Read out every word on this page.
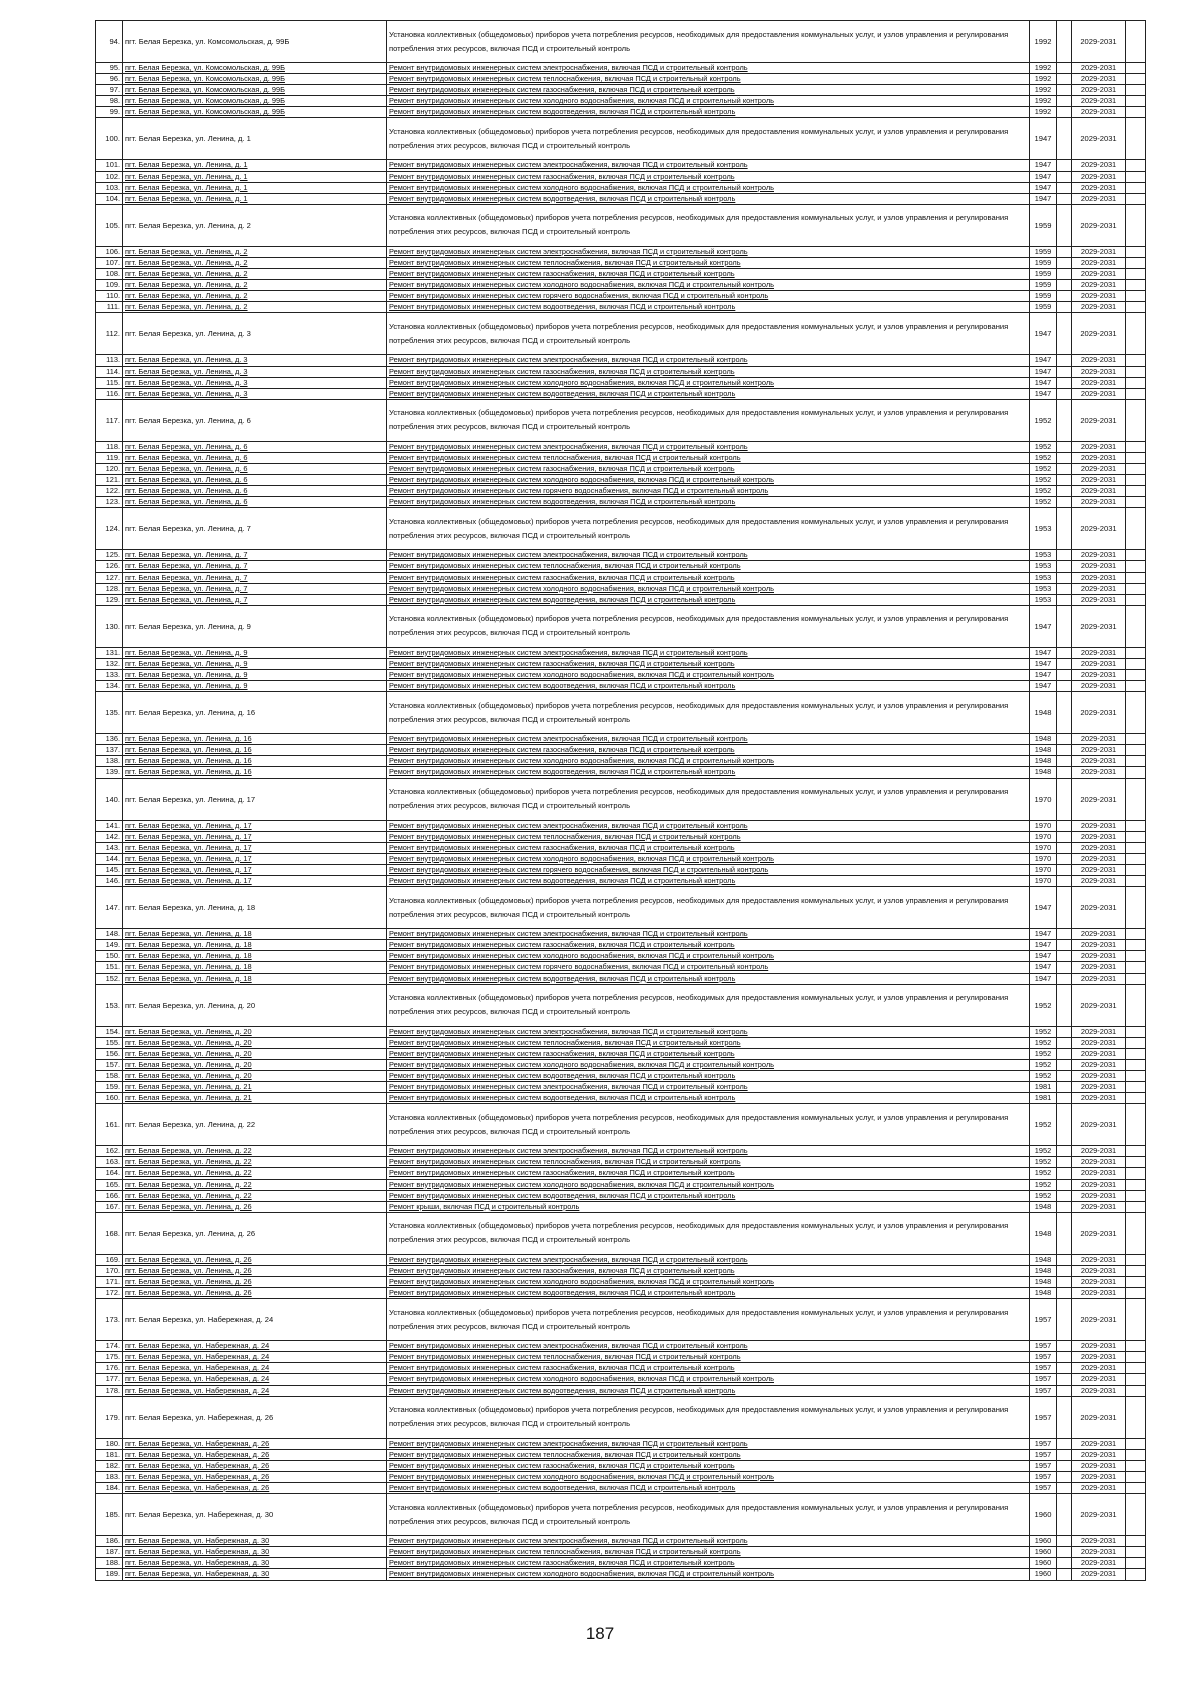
94.	пгт. Белая Березка, ул. Комсомольская, д. 99Б	Установка коллективных (общедомовых) приборов учета потребления ресурсов, необходимых для предоставления коммунальных услуг, и узлов управления и регулирования потребления этих ресурсов, включая ПСД и строительный контроль	1992		2029-2031	
95.	пгт. Белая Березка, ул. Комсомольская, д. 99Б	Ремонт внутридомовых инженерных систем электроснабжения, включая ПСД и строительный контроль	1992		2029-2031	
96.	пгт. Белая Березка, ул. Комсомольская, д. 99Б	Ремонт внутридомовых инженерных систем теплоснабжения, включая ПСД и строительный контроль	1992		2029-2031	
97.	пгт. Белая Березка, ул. Комсомольская, д. 99Б	Ремонт внутридомовых инженерных систем газоснабжения, включая ПСД и строительный контроль	1992		2029-2031	
98.	пгт. Белая Березка, ул. Комсомольская, д. 99Б	Ремонт внутридомовых инженерных систем холодного водоснабжения, включая ПСД и строительный контроль	1992		2029-2031	
99.	пгт. Белая Березка, ул. Комсомольская, д. 99Б	Ремонт внутридомовых инженерных систем водоотведения, включая ПСД и строительный контроль	1992		2029-2031	
100.	пгт. Белая Березка, ул. Ленина, д. 1	Установка коллективных (общедомовых) приборов учета потребления ресурсов, необходимых для предоставления коммунальных услуг, и узлов управления и регулирования потребления этих ресурсов, включая ПСД и строительный контроль	1947		2029-2031	
101.	пгт. Белая Березка, ул. Ленина, д. 1	Ремонт внутридомовых инженерных систем электроснабжения, включая ПСД и строительный контроль	1947		2029-2031	
102.	пгт. Белая Березка, ул. Ленина, д. 1	Ремонт внутридомовых инженерных систем газоснабжения, включая ПСД и строительный контроль	1947		2029-2031	
103.	пгт. Белая Березка, ул. Ленина, д. 1	Ремонт внутридомовых инженерных систем холодного водоснабжения, включая ПСД и строительный контроль	1947		2029-2031	
104.	пгт. Белая Березка, ул. Ленина, д. 1	Ремонт внутридомовых инженерных систем водоотведения, включая ПСД и строительный контроль	1947		2029-2031	
105.	пгт. Белая Березка, ул. Ленина, д. 2	Установка коллективных (общедомовых) приборов учета потребления ресурсов, необходимых для предоставления коммунальных услуг, и узлов управления и регулирования потребления этих ресурсов, включая ПСД и строительный контроль	1959		2029-2031	
106.	пгт. Белая Березка, ул. Ленина, д. 2	Ремонт внутридомовых инженерных систем электроснабжения, включая ПСД и строительный контроль	1959		2029-2031	
107.	пгт. Белая Березка, ул. Ленина, д. 2	Ремонт внутридомовых инженерных систем теплоснабжения, включая ПСД и строительный контроль	1959		2029-2031	
108.	пгт. Белая Березка, ул. Ленина, д. 2	Ремонт внутридомовых инженерных систем газоснабжения, включая ПСД и строительный контроль	1959		2029-2031	
109.	пгт. Белая Березка, ул. Ленина, д. 2	Ремонт внутридомовых инженерных систем холодного водоснабжения, включая ПСД и строительный контроль	1959		2029-2031	
110.	пгт. Белая Березка, ул. Ленина, д. 2	Ремонт внутридомовых инженерных систем горячего водоснабжения, включая ПСД и строительный контроль	1959		2029-2031	
111.	пгт. Белая Березка, ул. Ленина, д. 2	Ремонт внутридомовых инженерных систем водоотведения, включая ПСД и строительный контроль	1959		2029-2031	
112.	пгт. Белая Березка, ул. Ленина, д. 3	Установка коллективных (общедомовых) приборов учета потребления ресурсов, необходимых для предоставления коммунальных услуг, и узлов управления и регулирования потребления этих ресурсов, включая ПСД и строительный контроль	1947		2029-2031	
113.	пгт. Белая Березка, ул. Ленина, д. 3	Ремонт внутридомовых инженерных систем электроснабжения, включая ПСД и строительный контроль	1947		2029-2031	
114.	пгт. Белая Березка, ул. Ленина, д. 3	Ремонт внутридомовых инженерных систем газоснабжения, включая ПСД и строительный контроль	1947		2029-2031	
115.	пгт. Белая Березка, ул. Ленина, д. 3	Ремонт внутридомовых инженерных систем холодного водоснабжения, включая ПСД и строительный контроль	1947		2029-2031	
116.	пгт. Белая Березка, ул. Ленина, д. 3	Ремонт внутридомовых инженерных систем водоотведения, включая ПСД и строительный контроль	1947		2029-2031	
117.	пгт. Белая Березка, ул. Ленина, д. 6	Установка коллективных (общедомовых) приборов учета потребления ресурсов, необходимых для предоставления коммунальных услуг, и узлов управления и регулирования потребления этих ресурсов, включая ПСД и строительный контроль	1952		2029-2031	
118.	пгт. Белая Березка, ул. Ленина, д. 6	Ремонт внутридомовых инженерных систем электроснабжения, включая ПСД и строительный контроль	1952		2029-2031	
119.	пгт. Белая Березка, ул. Ленина, д. 6	Ремонт внутридомовых инженерных систем теплоснабжения, включая ПСД и строительный контроль	1952		2029-2031	
120.	пгт. Белая Березка, ул. Ленина, д. 6	Ремонт внутридомовых инженерных систем газоснабжения, включая ПСД и строительный контроль	1952		2029-2031	
121.	пгт. Белая Березка, ул. Ленина, д. 6	Ремонт внутридомовых инженерных систем холодного водоснабжения, включая ПСД и строительный контроль	1952		2029-2031	
122.	пгт. Белая Березка, ул. Ленина, д. 6	Ремонт внутридомовых инженерных систем горячего водоснабжения, включая ПСД и строительный контроль	1952		2029-2031	
123.	пгт. Белая Березка, ул. Ленина, д. 6	Ремонт внутридомовых инженерных систем водоотведения, включая ПСД и строительный контроль	1952		2029-2031	
124.	пгт. Белая Березка, ул. Ленина, д. 7	Установка коллективных (общедомовых) приборов учета потребления ресурсов, необходимых для предоставления коммунальных услуг, и узлов управления и регулирования потребления этих ресурсов, включая ПСД и строительный контроль	1953		2029-2031	
125.	пгт. Белая Березка, ул. Ленина, д. 7	Ремонт внутридомовых инженерных систем электроснабжения, включая ПСД и строительный контроль	1953		2029-2031	
126.	пгт. Белая Березка, ул. Ленина, д. 7	Ремонт внутридомовых инженерных систем теплоснабжения, включая ПСД и строительный контроль	1953		2029-2031	
127.	пгт. Белая Березка, ул. Ленина, д. 7	Ремонт внутридомовых инженерных систем газоснабжения, включая ПСД и строительный контроль	1953		2029-2031	
128.	пгт. Белая Березка, ул. Ленина, д. 7	Ремонт внутридомовых инженерных систем холодного водоснабжения, включая ПСД и строительный контроль	1953		2029-2031	
129.	пгт. Белая Березка, ул. Ленина, д. 7	Ремонт внутридомовых инженерных систем водоотведения, включая ПСД и строительный контроль	1953		2029-2031	
130.	пгт. Белая Березка, ул. Ленина, д. 9	Установка коллективных (общедомовых) приборов учета потребления ресурсов, необходимых для предоставления коммунальных услуг, и узлов управления и регулирования потребления этих ресурсов, включая ПСД и строительный контроль	1947		2029-2031	
131.	пгт. Белая Березка, ул. Ленина, д. 9	Ремонт внутридомовых инженерных систем электроснабжения, включая ПСД и строительный контроль	1947		2029-2031	
132.	пгт. Белая Березка, ул. Ленина, д. 9	Ремонт внутридомовых инженерных систем газоснабжения, включая ПСД и строительный контроль	1947		2029-2031	
133.	пгт. Белая Березка, ул. Ленина, д. 9	Ремонт внутридомовых инженерных систем холодного водоснабжения, включая ПСД и строительный контроль	1947		2029-2031	
134.	пгт. Белая Березка, ул. Ленина, д. 9	Ремонт внутридомовых инженерных систем водоотведения, включая ПСД и строительный контроль	1947		2029-2031	
135.	пгт. Белая Березка, ул. Ленина, д. 16	Установка коллективных (общедомовых) приборов учета потребления ресурсов, необходимых для предоставления коммунальных услуг, и узлов управления и регулирования потребления этих ресурсов, включая ПСД и строительный контроль	1948		2029-2031	
136.	пгт. Белая Березка, ул. Ленина, д. 16	Ремонт внутридомовых инженерных систем электроснабжения, включая ПСД и строительный контроль	1948		2029-2031	
137.	пгт. Белая Березка, ул. Ленина, д. 16	Ремонт внутридомовых инженерных систем газоснабжения, включая ПСД и строительный контроль	1948		2029-2031	
138.	пгт. Белая Березка, ул. Ленина, д. 16	Ремонт внутридомовых инженерных систем холодного водоснабжения, включая ПСД и строительный контроль	1948		2029-2031	
139.	пгт. Белая Березка, ул. Ленина, д. 16	Ремонт внутридомовых инженерных систем водоотведения, включая ПСД и строительный контроль	1948		2029-2031	
140.	пгт. Белая Березка, ул. Ленина, д. 17	Установка коллективных (общедомовых) приборов учета потребления ресурсов, необходимых для предоставления коммунальных услуг, и узлов управления и регулирования потребления этих ресурсов, включая ПСД и строительный контроль	1970		2029-2031	
141.	пгт. Белая Березка, ул. Ленина, д. 17	Ремонт внутридомовых инженерных систем электроснабжения, включая ПСД и строительный контроль	1970		2029-2031	
142.	пгт. Белая Березка, ул. Ленина, д. 17	Ремонт внутридомовых инженерных систем теплоснабжения, включая ПСД и строительный контроль	1970		2029-2031	
143.	пгт. Белая Березка, ул. Ленина, д. 17	Ремонт внутридомовых инженерных систем газоснабжения, включая ПСД и строительный контроль	1970		2029-2031	
144.	пгт. Белая Березка, ул. Ленина, д. 17	Ремонт внутридомовых инженерных систем холодного водоснабжения, включая ПСД и строительный контроль	1970		2029-2031	
145.	пгт. Белая Березка, ул. Ленина, д. 17	Ремонт внутридомовых инженерных систем горячего водоснабжения, включая ПСД и строительный контроль	1970		2029-2031	
146.	пгт. Белая Березка, ул. Ленина, д. 17	Ремонт внутридомовых инженерных систем водоотведения, включая ПСД и строительный контроль	1970		2029-2031	
147.	пгт. Белая Березка, ул. Ленина, д. 18	Установка коллективных (общедомовых) приборов учета потребления ресурсов, необходимых для предоставления коммунальных услуг, и узлов управления и регулирования потребления этих ресурсов, включая ПСД и строительный контроль	1947		2029-2031	
148.	пгт. Белая Березка, ул. Ленина, д. 18	Ремонт внутридомовых инженерных систем электроснабжения, включая ПСД и строительный контроль	1947		2029-2031	
149.	пгт. Белая Березка, ул. Ленина, д. 18	Ремонт внутридомовых инженерных систем газоснабжения, включая ПСД и строительный контроль	1947		2029-2031	
150.	пгт. Белая Березка, ул. Ленина, д. 18	Ремонт внутридомовых инженерных систем холодного водоснабжения, включая ПСД и строительный контроль	1947		2029-2031	
151.	пгт. Белая Березка, ул. Ленина, д. 18	Ремонт внутридомовых инженерных систем горячего водоснабжения, включая ПСД и строительный контроль	1947		2029-2031	
152.	пгт. Белая Березка, ул. Ленина, д. 18	Ремонт внутридомовых инженерных систем водоотведения, включая ПСД и строительный контроль	1947		2029-2031	
153.	пгт. Белая Березка, ул. Ленина, д. 20	Установка коллективных (общедомовых) приборов учета потребления ресурсов, необходимых для предоставления коммунальных услуг, и узлов управления и регулирования потребления этих ресурсов, включая ПСД и строительный контроль	1952		2029-2031	
154.	пгт. Белая Березка, ул. Ленина, д. 20	Ремонт внутридомовых инженерных систем электроснабжения, включая ПСД и строительный контроль	1952		2029-2031	
155.	пгт. Белая Березка, ул. Ленина, д. 20	Ремонт внутридомовых инженерных систем теплоснабжения, включая ПСД и строительный контроль	1952		2029-2031	
156.	пгт. Белая Березка, ул. Ленина, д. 20	Ремонт внутридомовых инженерных систем газоснабжения, включая ПСД и строительный контроль	1952		2029-2031	
157.	пгт. Белая Березка, ул. Ленина, д. 20	Ремонт внутридомовых инженерных систем холодного водоснабжения, включая ПСД и строительный контроль	1952		2029-2031	
158.	пгт. Белая Березка, ул. Ленина, д. 20	Ремонт внутридомовых инженерных систем водоотведения, включая ПСД и строительный контроль	1952		2029-2031	
159.	пгт. Белая Березка, ул. Ленина, д. 21	Ремонт внутридомовых инженерных систем электроснабжения, включая ПСД и строительный контроль	1981		2029-2031	
160.	пгт. Белая Березка, ул. Ленина, д. 21	Ремонт внутридомовых инженерных систем водоотведения, включая ПСД и строительный контроль	1981		2029-2031	
161.	пгт. Белая Березка, ул. Ленина, д. 22	Установка коллективных (общедомовых) приборов учета потребления ресурсов, необходимых для предоставления коммунальных услуг, и узлов управления и регулирования потребления этих ресурсов, включая ПСД и строительный контроль	1952		2029-2031	
162.	пгт. Белая Березка, ул. Ленина, д. 22	Ремонт внутридомовых инженерных систем электроснабжения, включая ПСД и строительный контроль	1952		2029-2031	
163.	пгт. Белая Березка, ул. Ленина, д. 22	Ремонт внутридомовых инженерных систем теплоснабжения, включая ПСД и строительный контроль	1952		2029-2031	
164.	пгт. Белая Березка, ул. Ленина, д. 22	Ремонт внутридомовых инженерных систем газоснабжения, включая ПСД и строительный контроль	1952		2029-2031	
165.	пгт. Белая Березка, ул. Ленина, д. 22	Ремонт внутридомовых инженерных систем холодного водоснабжения, включая ПСД и строительный контроль	1952		2029-2031	
166.	пгт. Белая Березка, ул. Ленина, д. 22	Ремонт внутридомовых инженерных систем водоотведения, включая ПСД и строительный контроль	1952		2029-2031	
167.	пгт. Белая Березка, ул. Ленина, д. 26	Ремонт крыши, включая ПСД и строительный контроль	1948		2029-2031	
168.	пгт. Белая Березка, ул. Ленина, д. 26	Установка коллективных (общедомовых) приборов учета потребления ресурсов, необходимых для предоставления коммунальных услуг, и узлов управления и регулирования потребления этих ресурсов, включая ПСД и строительный контроль	1948		2029-2031	
169.	пгт. Белая Березка, ул. Ленина, д. 26	Ремонт внутридомовых инженерных систем электроснабжения, включая ПСД и строительный контроль	1948		2029-2031	
170.	пгт. Белая Березка, ул. Ленина, д. 26	Ремонт внутридомовых инженерных систем газоснабжения, включая ПСД и строительный контроль	1948		2029-2031	
171.	пгт. Белая Березка, ул. Ленина, д. 26	Ремонт внутридомовых инженерных систем холодного водоснабжения, включая ПСД и строительный контроль	1948		2029-2031	
172.	пгт. Белая Березка, ул. Ленина, д. 26	Ремонт внутридомовых инженерных систем водоотведения, включая ПСД и строительный контроль	1948		2029-2031	
173.	пгт. Белая Березка, ул. Набережная, д. 24	Установка коллективных (общедомовых) приборов учета потребления ресурсов, необходимых для предоставления коммунальных услуг, и узлов управления и регулирования потребления этих ресурсов, включая ПСД и строительный контроль	1957		2029-2031	
174.	пгт. Белая Березка, ул. Набережная, д. 24	Ремонт внутридомовых инженерных систем электроснабжения, включая ПСД и строительный контроль	1957		2029-2031	
175.	пгт. Белая Березка, ул. Набережная, д. 24	Ремонт внутридомовых инженерных систем теплоснабжения, включая ПСД и строительный контроль	1957		2029-2031	
176.	пгт. Белая Березка, ул. Набережная, д. 24	Ремонт внутридомовых инженерных систем газоснабжения, включая ПСД и строительный контроль	1957		2029-2031	
177.	пгт. Белая Березка, ул. Набережная, д. 24	Ремонт внутридомовых инженерных систем холодного водоснабжения, включая ПСД и строительный контроль	1957		2029-2031	
178.	пгт. Белая Березка, ул. Набережная, д. 24	Ремонт внутридомовых инженерных систем водоотведения, включая ПСД и строительный контроль	1957		2029-2031	
179.	пгт. Белая Березка, ул. Набережная, д. 26	Установка коллективных (общедомовых) приборов учета потребления ресурсов, необходимых для предоставления коммунальных услуг, и узлов управления и регулирования потребления этих ресурсов, включая ПСД и строительный контроль	1957		2029-2031	
180.	пгт. Белая Березка, ул. Набережная, д. 26	Ремонт внутридомовых инженерных систем электроснабжения, включая ПСД и строительный контроль	1957		2029-2031	
181.	пгт. Белая Березка, ул. Набережная, д. 26	Ремонт внутридомовых инженерных систем теплоснабжения, включая ПСД и строительный контроль	1957		2029-2031	
182.	пгт. Белая Березка, ул. Набережная, д. 26	Ремонт внутридомовых инженерных систем газоснабжения, включая ПСД и строительный контроль	1957		2029-2031	
183.	пгт. Белая Березка, ул. Набережная, д. 26	Ремонт внутридомовых инженерных систем холодного водоснабжения, включая ПСД и строительный контроль	1957		2029-2031	
184.	пгт. Белая Березка, ул. Набережная, д. 26	Ремонт внутридомовых инженерных систем водоотведения, включая ПСД и строительный контроль	1957		2029-2031	
185.	пгт. Белая Березка, ул. Набережная, д. 30	Установка коллективных (общедомовых) приборов учета потребления ресурсов, необходимых для предоставления коммунальных услуг, и узлов управления и регулирования потребления этих ресурсов, включая ПСД и строительный контроль	1960		2029-2031	
186.	пгт. Белая Березка, ул. Набережная, д. 30	Ремонт внутридомовых инженерных систем электроснабжения, включая ПСД и строительный контроль	1960		2029-2031	
187.	пгт. Белая Березка, ул. Набережная, д. 30	Ремонт внутридомовых инженерных систем теплоснабжения, включая ПСД и строительный контроль	1960		2029-2031	
188.	пгт. Белая Березка, ул. Набережная, д. 30	Ремонт внутридомовых инженерных систем газоснабжения, включая ПСД и строительный контроль	1960		2029-2031	
189.	пгт. Белая Березка, ул. Набережная, д. 30	Ремонт внутридомовых инженерных систем холодного водоснабжения, включая ПСД и строительный контроль	1960		2029-2031	
187
